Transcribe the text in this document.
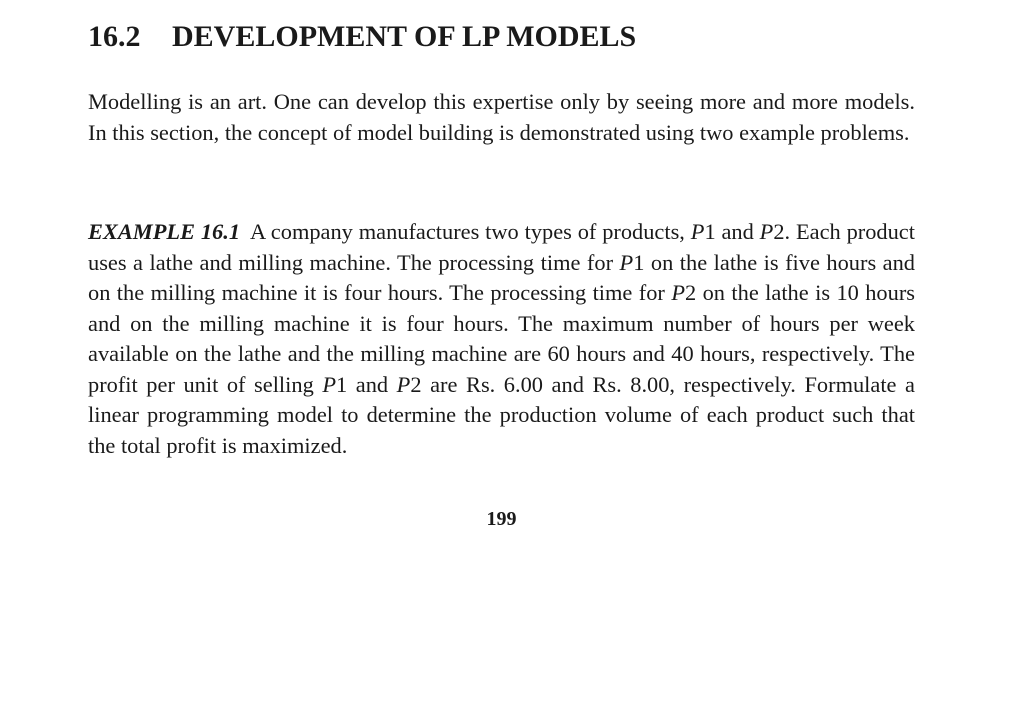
16.2 DEVELOPMENT OF LP MODELS

Modelling is an art. One can develop this expertise only by seeing more and more models. In this section, the concept of model building is demonstrated using two example problems.

EXAMPLE 16.1 A company manufactures two types of products, P1 and P2. Each product uses a lathe and milling machine. The processing time for P1 on the lathe is five hours and on the milling machine it is four hours. The processing time for P2 on the lathe is 10 hours and on the milling machine it is four hours. The maximum number of hours per week available on the lathe and the milling machine are 60 hours and 40 hours, respectively. The profit per unit of selling P1 and P2 are Rs. 6.00 and Rs. 8.00, respectively. Formulate a linear programming model to determine the production volume of each product such that the total profit is maximized.

199
